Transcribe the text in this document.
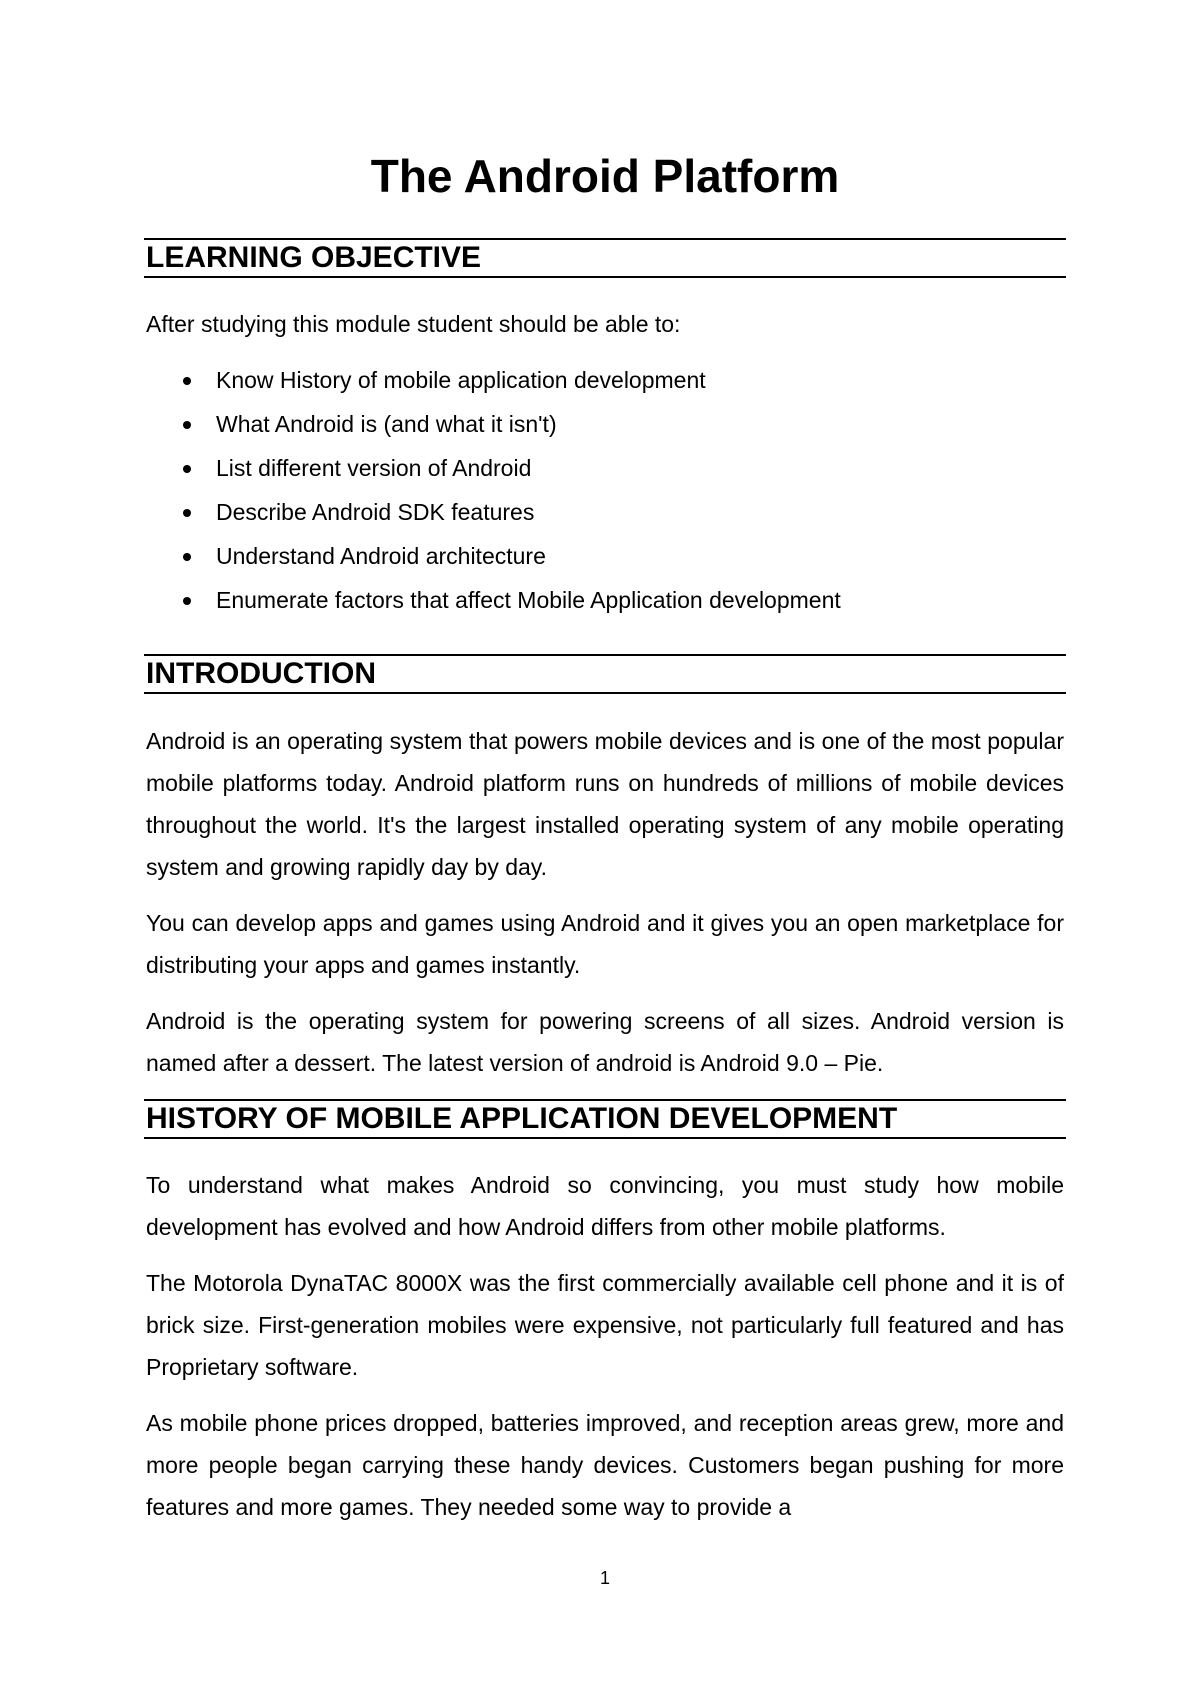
The Android Platform
LEARNING OBJECTIVE

After studying this module student should be able to:

Know History of mobile application development
What Android is (and what it isn't)
List different version of Android
Describe Android SDK features
Understand Android architecture
Enumerate factors that affect Mobile Application development
INTRODUCTION

Android is an operating system that powers mobile devices and is one of the most popular mobile platforms today. Android platform runs on hundreds of millions of mobile devices throughout the world. It's the largest installed operating system of any mobile operating system and growing rapidly day by day.

You can develop apps and games using Android and it gives you an open marketplace for distributing your apps and games instantly.

Android is the operating system for powering screens of all sizes. Android version is named after a dessert. The latest version of android is Android 9.0 – Pie.

HISTORY OF MOBILE APPLICATION DEVELOPMENT

To understand what makes Android so convincing, you must study how mobile development has evolved and how Android differs from other mobile platforms.

The Motorola DynaTAC 8000X was the first commercially available cell phone and it is of brick size. First-generation mobiles were expensive, not particularly full featured and has Proprietary software.

As mobile phone prices dropped, batteries improved, and reception areas grew, more and more people began carrying these handy devices. Customers began pushing for more features and more games. They needed some way to provide a

1
